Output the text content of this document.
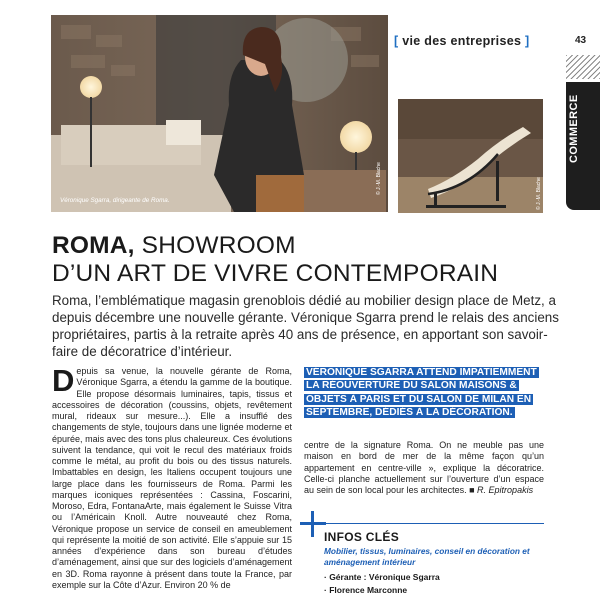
[ vie des entreprises ]	43
COMMERCE
Véronique Sgarra, dirigeante de Roma.
© J.-M. Blache	© J.-M. Blache
ROMA, SHOWROOM
D’UN ART DE VIVRE CONTEMPORAIN

Roma, l’emblématique magasin grenoblois dédié au mobilier design place de Metz, a depuis décembre une nouvelle gérante. Véronique Sgarra prend le relais des anciens propriétaires, partis à la retraite après 40 ans de présence, en apportant son savoir-faire de décoratrice d’intérieur.

Depuis sa venue, la nouvelle gérante de Roma, Véronique Sgarra, a étendu la gamme de la boutique. Elle propose désormais luminaires, tapis, tissus et accessoires de décoration (coussins, objets, revêtement mural, rideaux sur mesure...). Elle a insufflé des changements de style, toujours dans une lignée moderne et épurée, mais avec des tons plus chaleureux. Ces évolutions suivent la tendance, qui voit le recul des matériaux froids comme le métal, au profit du bois ou des tissus naturels. Imbattables en design, les Italiens occupent toujours une large place dans les fournisseurs de Roma. Parmi les marques iconiques représentées : Cassina, Foscarini, Moroso, Edra, FontanaArte, mais également le Suisse Vitra ou l’Américain Knoll. Autre nouveauté chez Roma, Véronique propose un service de conseil en ameublement qui représente la moitié de son activité. Elle s’appuie sur 15 années d’expérience dans son bureau d’études d’aménagement, ainsi que sur des logiciels d’aménagement en 3D. Roma rayonne à présent dans toute la France, par exemple sur la Côte d’Azur. Environ 20 % de
VÉRONIQUE SGARRA ATTEND IMPATIEMMENT LA RÉOUVERTURE DU SALON MAISONS & OBJETS À PARIS ET DU SALON DE MILAN EN SEPTEMBRE, DÉDIÉS À LA DÉCORATION.
centre de la signature Roma. On ne meuble pas une maison en bord de mer de la même façon qu’un appartement en centre-ville », explique la décoratrice. Celle-ci planche actuellement sur l’ouverture d’un espace au sein de son local pour les architectes. ■ R. Epitropakis
INFOS CLÉS
Mobilier, tissus, luminaires, conseil en décoration et aménagement intérieur
· Gérante : Véronique Sgarra
· Florence Marconne
